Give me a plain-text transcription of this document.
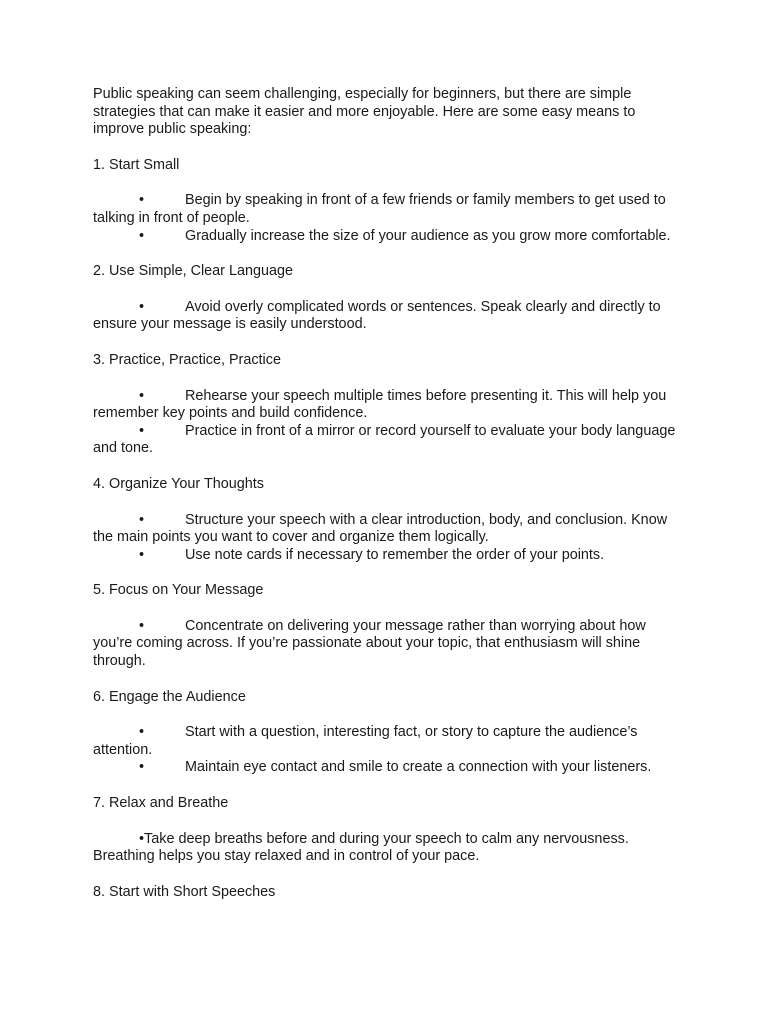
Public speaking can seem challenging, especially for beginners, but there are simple strategies that can make it easier and more enjoyable. Here are some easy means to improve public speaking:

1. Start Small

•	Begin by speaking in front of a few friends or family members to get used to talking in front of people.

•	Gradually increase the size of your audience as you grow more comfortable.

2. Use Simple, Clear Language

•	Avoid overly complicated words or sentences. Speak clearly and directly to ensure your message is easily understood.

3. Practice, Practice, Practice

•	Rehearse your speech multiple times before presenting it. This will help you remember key points and build confidence.

•	Practice in front of a mirror or record yourself to evaluate your body language and tone.

4. Organize Your Thoughts

•	Structure your speech with a clear introduction, body, and conclusion. Know the main points you want to cover and organize them logically.

•	Use note cards if necessary to remember the order of your points.

5. Focus on Your Message

•	Concentrate on delivering your message rather than worrying about how you’re coming across. If you’re passionate about your topic, that enthusiasm will shine through.

6. Engage the Audience

•	Start with a question, interesting fact, or story to capture the audience’s attention.

•	Maintain eye contact and smile to create a connection with your listeners.

7. Relax and Breathe

•Take deep breaths before and during your speech to calm any nervousness. Breathing helps you stay relaxed and in control of your pace.

8. Start with Short Speeches
